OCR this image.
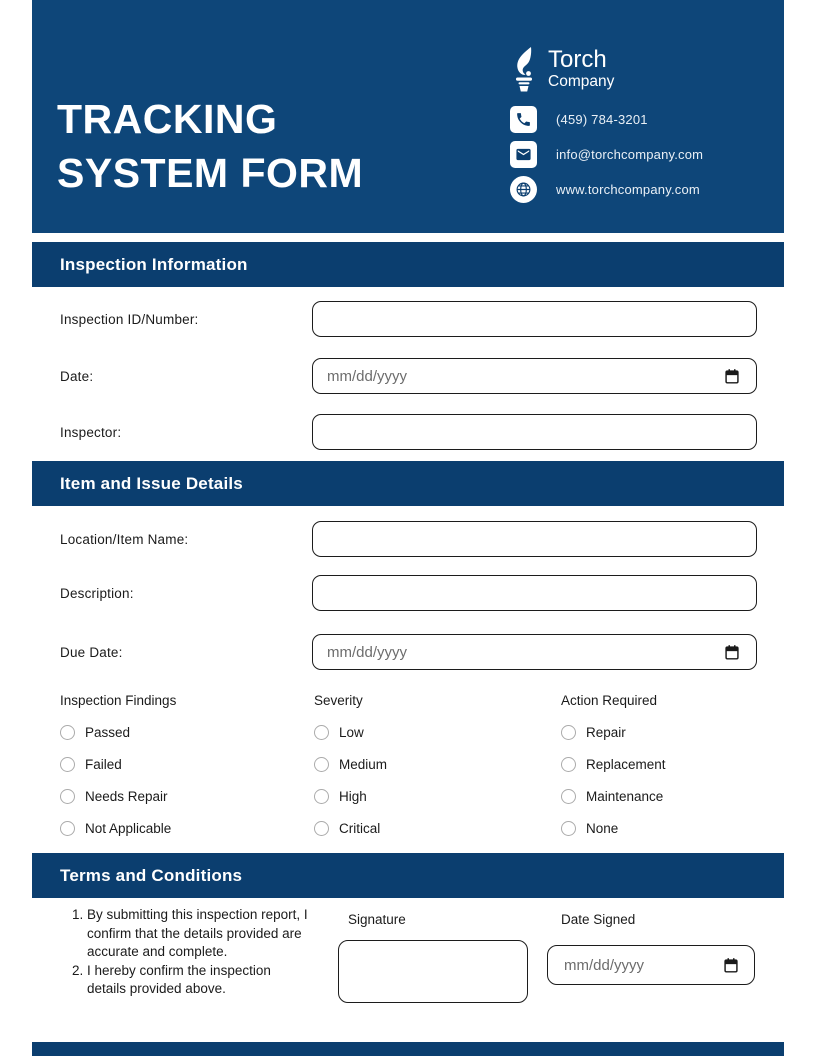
TRACKING
SYSTEM FORM
Torch
Company
(459) 784-3201
info@torchcompany.com
www.torchcompany.com
Inspection Information
Inspection ID/Number:
Date:	mm/dd/yyyy
Inspector:
Item and Issue Details
Location/Item Name:
Description:
Due Date:	mm/dd/yyyy
Inspection Findings
Passed
Failed
Needs Repair
Not Applicable
Severity
Low
Medium
High
Critical
Action Required
Repair
Replacement
Maintenance
None
Terms and Conditions
1. By submitting this inspection report, I confirm that the details provided are accurate and complete.
2. I hereby confirm the inspection details provided above.
Signature	Date Signed
mm/dd/yyyy
